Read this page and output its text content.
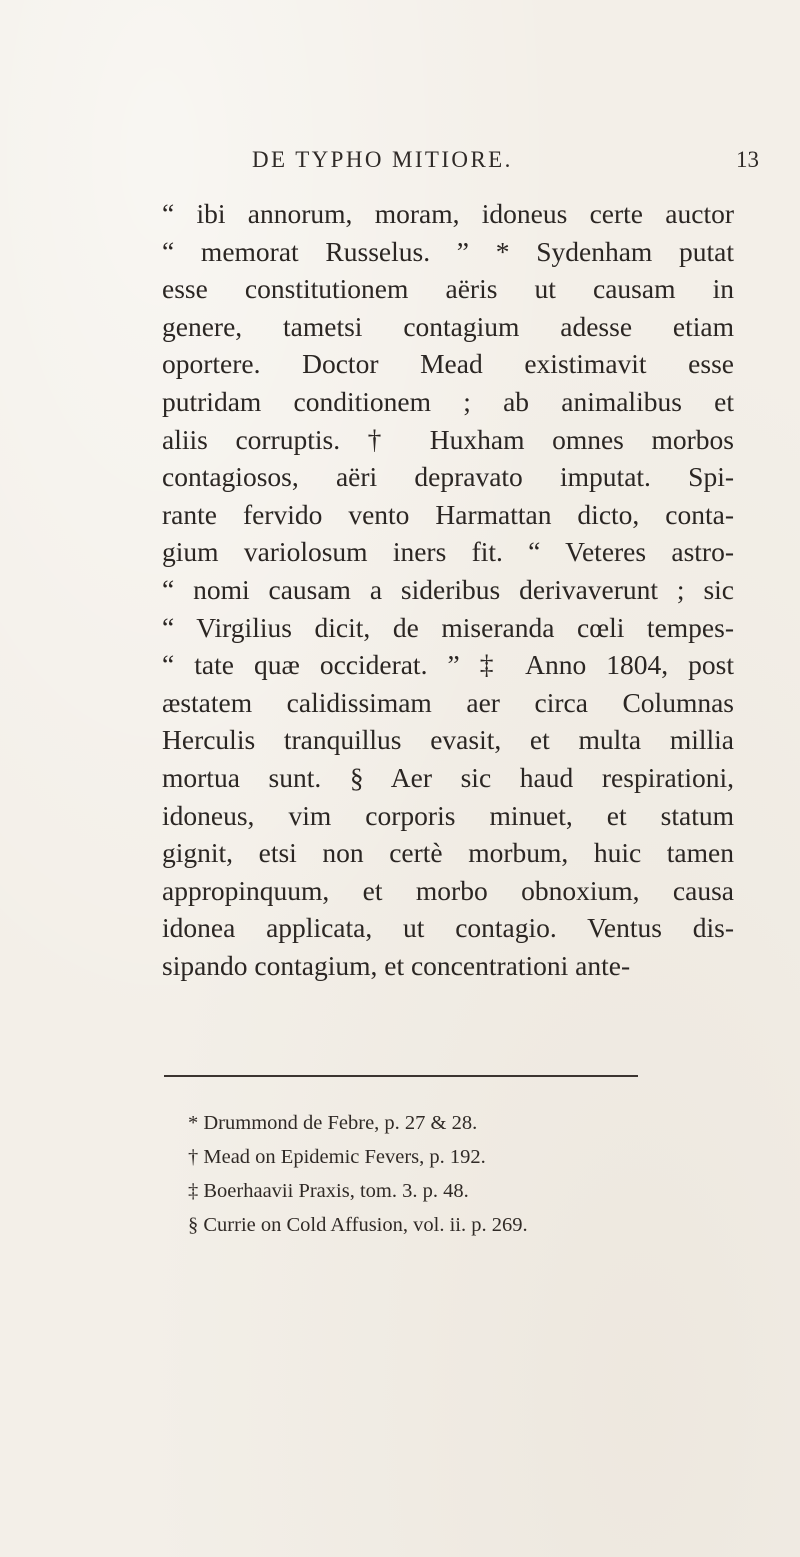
DE TYPHO MITIORE.	13
“ ibi annorum, moram, idoneus certe auctor
“ memorat Russelus. ” * Sydenham putat
esse constitutionem aëris ut causam in
genere, tametsi contagium adesse etiam
oportere. Doctor Mead existimavit esse
putridam conditionem ; ab animalibus et
aliis corruptis. † Huxham omnes morbos
contagiosos, aëri depravato imputat. Spi-
rante fervido vento Harmattan dicto, conta-
gium variolosum iners fit. “ Veteres astro-
“ nomi causam a sideribus derivaverunt ; sic
“ Virgilius dicit, de miseranda cœli tempes-
“ tate quæ occiderat. ” ‡ Anno 1804, post
æstatem calidissimam aer circa Columnas
Herculis tranquillus evasit, et multa millia
mortua sunt. § Aer sic haud respirationi,
idoneus, vim corporis minuet, et statum
gignit, etsi non certè morbum, huic tamen
appropinquum, et morbo obnoxium, causa
idonea applicata, ut contagio. Ventus dis-
sipando contagium, et concentrationi ante-
* Drummond de Febre, p. 27 & 28.
† Mead on Epidemic Fevers, p. 192.
‡ Boerhaavii Praxis, tom. 3. p. 48.
§ Currie on Cold Affusion, vol. ii. p. 269.
